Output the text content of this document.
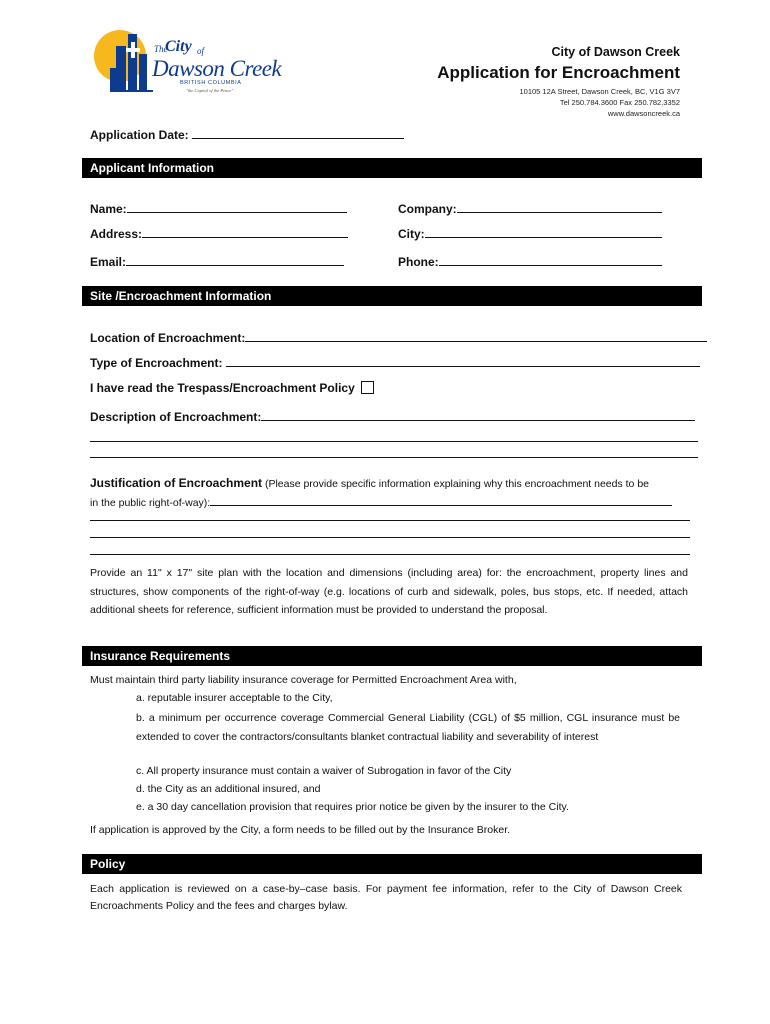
The
City of
Dawson Creek
BRITISH COLUMBIA
"the Capital of the Peace"
City of Dawson Creek
Application for Encroachment
10105 12A Street, Dawson Creek, BC, V1G 3V7
Tel 250.784.3600 Fax 250.782.3352
www.dawsoncreek.ca
Application Date:
Applicant Information
Name:	Company:
Address:	City:
Email:	Phone:
Site /Encroachment Information
Location of Encroachment:
Type of Encroachment:
I have read the Trespass/Encroachment Policy
Description of Encroachment:
Justification of Encroachment (Please provide specific information explaining why this encroachment needs to be
in the public right-of-way):
Provide an 11" x 17" site plan with the location and dimensions (including area) for: the encroachment, property lines and structures, show components of the right-of-way (e.g. locations of curb and sidewalk, poles, bus stops, etc. If needed, attach additional sheets for reference, sufficient information must be provided to understand the proposal.
Insurance Requirements
Must maintain third party liability insurance coverage for Permitted Encroachment Area with,
a. reputable insurer acceptable to the City,
b. a minimum per occurrence coverage Commercial General Liability (CGL) of $5 million, CGL insurance must be extended to cover the contractors/consultants blanket contractual liability and severability of interest
c. All property insurance must contain a waiver of Subrogation in favor of the City
d. the City as an additional insured, and
e. a 30 day cancellation provision that requires prior notice be given by the insurer to the City.
If application is approved by the City, a form needs to be filled out by the Insurance Broker.
Policy
Each application is reviewed on a case-by–case basis. For payment fee information, refer to the City of Dawson Creek Encroachments Policy and the fees and charges bylaw.
